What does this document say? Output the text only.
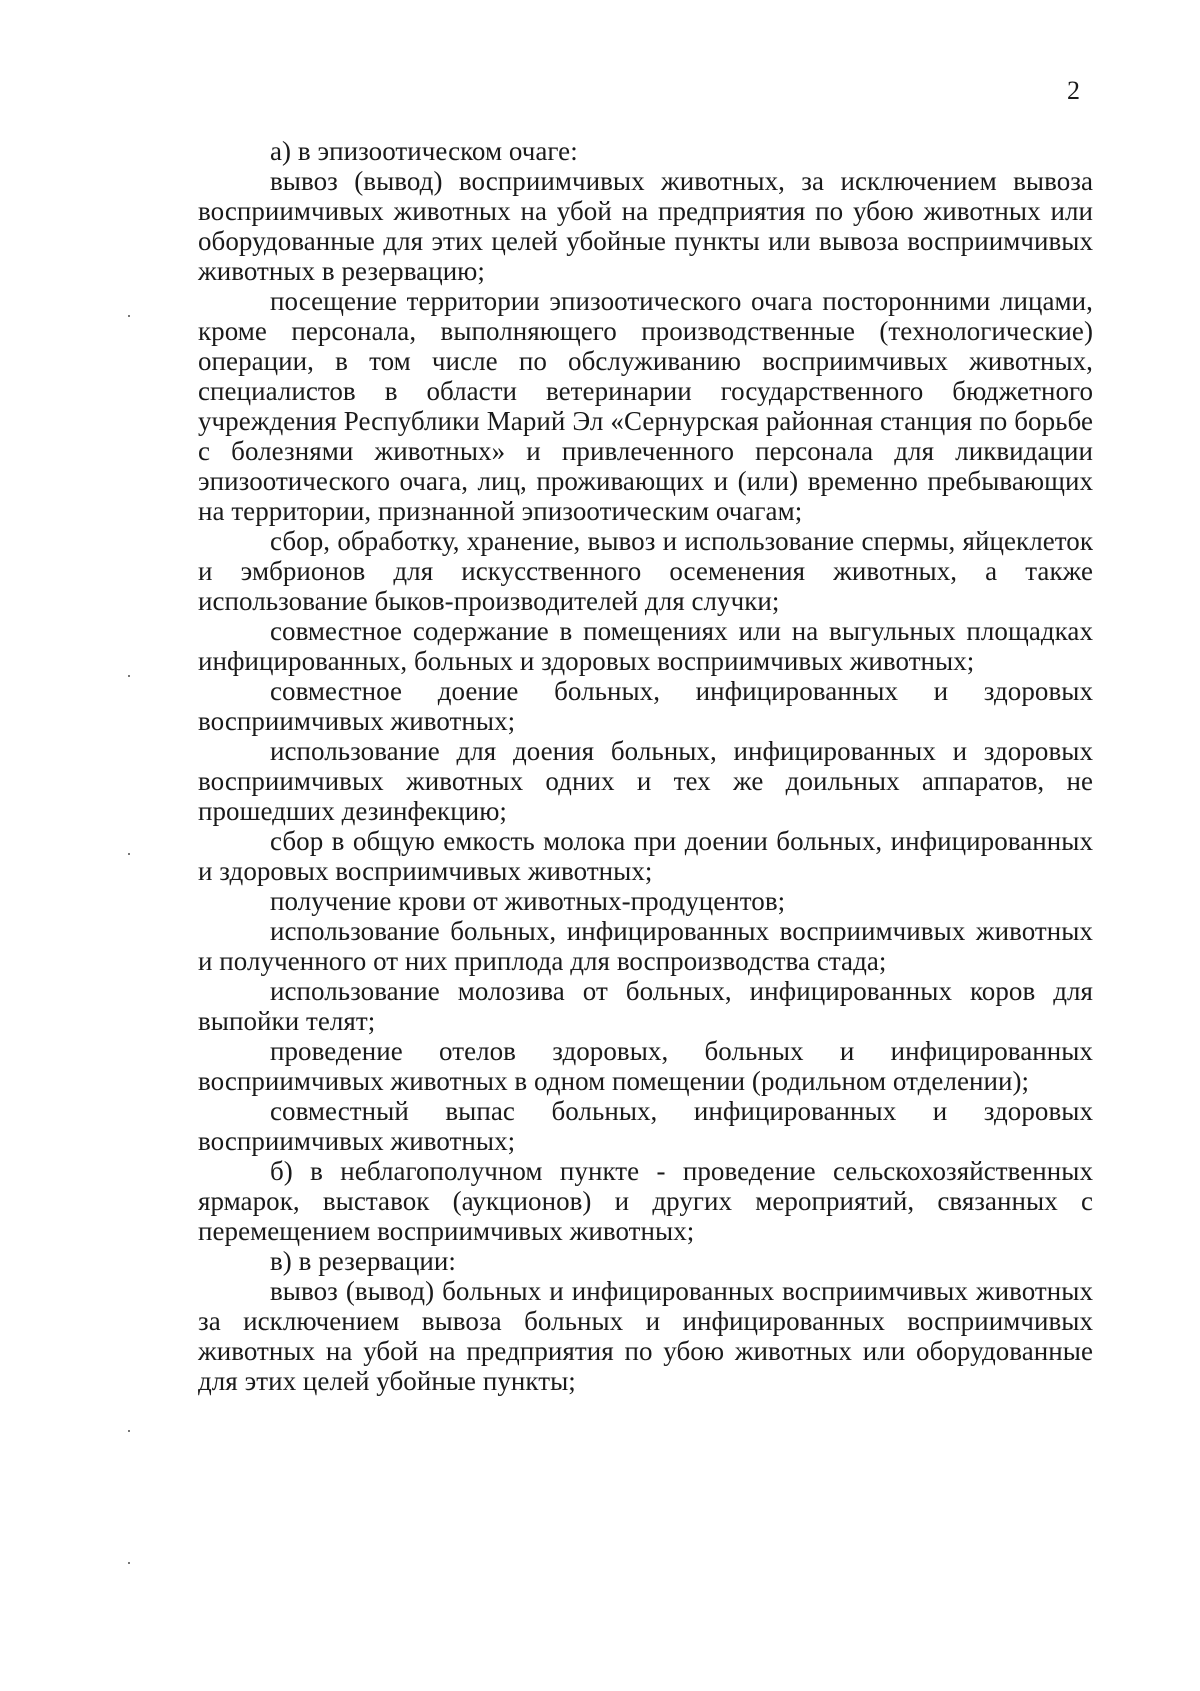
2

а) в эпизоотическом очаге:

вывоз (вывод) восприимчивых животных, за исключением вывоза восприимчивых животных на убой на предприятия по убою животных или оборудованные для этих целей убойные пункты или вывоза восприимчивых животных в резервацию;

посещение территории эпизоотического очага посторонними лицами, кроме персонала, выполняющего производственные (технологические) операции, в том числе по обслуживанию восприимчивых животных, специалистов в области ветеринарии государственного бюджетного учреждения Республики Марий Эл «Сернурская районная станция по борьбе с болезнями животных» и привлеченного персонала для ликвидации эпизоотического очага, лиц, проживающих и (или) временно пребывающих на территории, признанной эпизоотическим очагам;

сбор, обработку, хранение, вывоз и использование спермы, яйцеклеток и эмбрионов для искусственного осеменения животных, а также использование быков-производителей для случки;

совместное содержание в помещениях или на выгульных площадках инфицированных, больных и здоровых восприимчивых животных;

совместное доение больных, инфицированных и здоровых восприимчивых животных;

использование для доения больных, инфицированных и здоровых восприимчивых животных одних и тех же доильных аппаратов, не прошедших дезинфекцию;

сбор в общую емкость молока при доении больных, инфицированных и здоровых восприимчивых животных;

получение крови от животных-продуцентов;

использование больных, инфицированных восприимчивых животных и полученного от них приплода для воспроизводства стада;

использование молозива от больных, инфицированных коров для выпойки телят;

проведение отелов здоровых, больных и инфицированных восприимчивых животных в одном помещении (родильном отделении);

совместный выпас больных, инфицированных и здоровых восприимчивых животных;

б) в неблагополучном пункте - проведение сельскохозяйственных ярмарок, выставок (аукционов) и других мероприятий, связанных с перемещением восприимчивых животных;

в) в резервации:

вывоз (вывод) больных и инфицированных восприимчивых животных за исключением вывоза больных и инфицированных восприимчивых животных на убой на предприятия по убою животных или оборудованные для этих целей убойные пункты;
